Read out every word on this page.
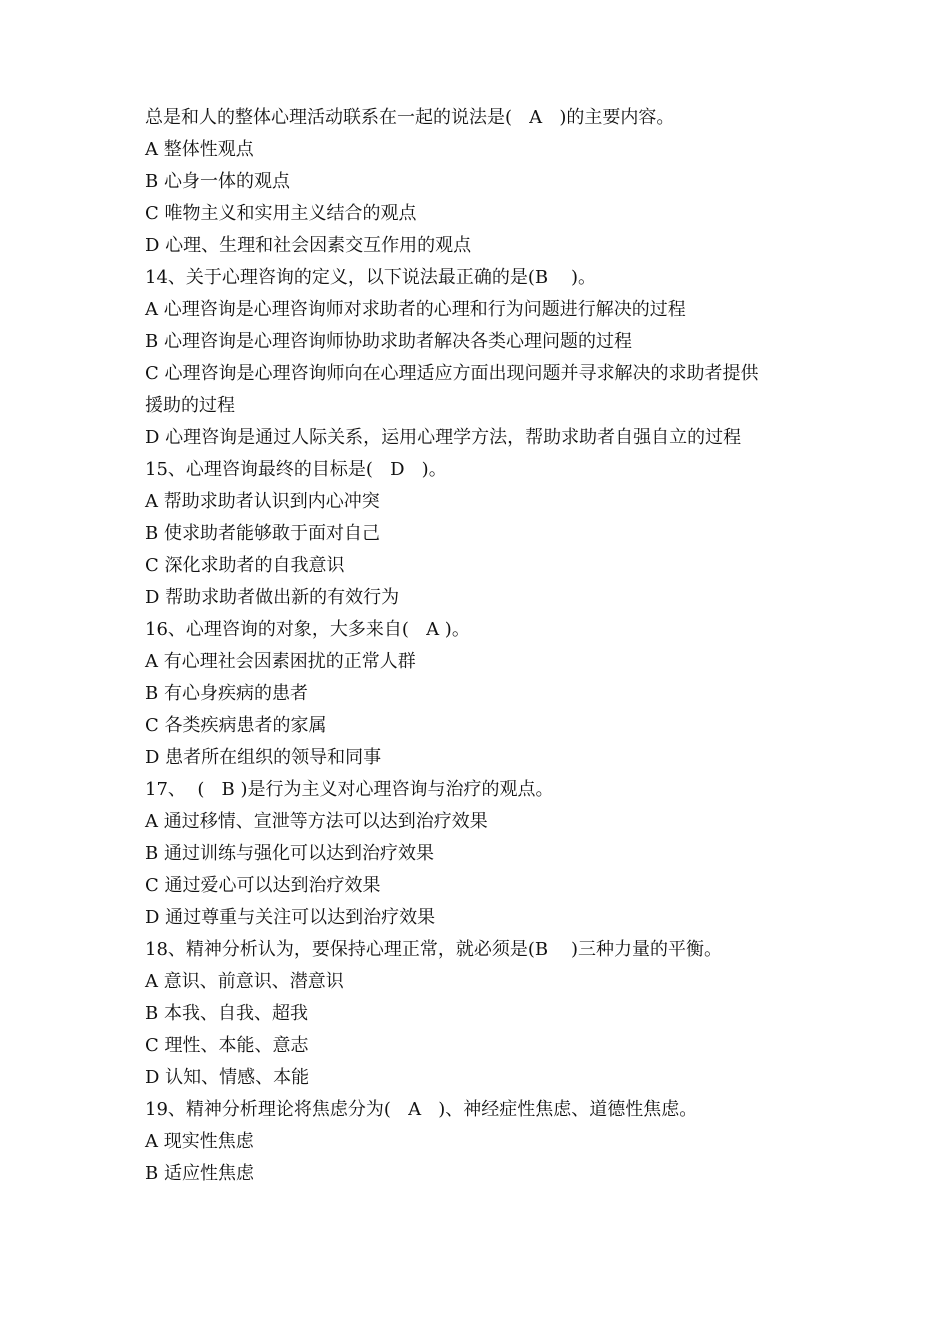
总是和人的整体心理活动联系在一起的说法是(   A   )的主要内容。

A 整体性观点

B 心身一体的观点

C 唯物主义和实用主义结合的观点

D 心理、生理和社会因素交互作用的观点

14、关于心理咨询的定义，以下说法最正确的是(B    )。

A 心理咨询是心理咨询师对求助者的心理和行为问题进行解决的过程

B 心理咨询是心理咨询师协助求助者解决各类心理问题的过程

C 心理咨询是心理咨询师向在心理适应方面出现问题并寻求解决的求助者提供

援助的过程

D 心理咨询是通过人际关系，运用心理学方法，帮助求助者自强自立的过程

15、心理咨询最终的目标是(   D   )。

A 帮助求助者认识到内心冲突

B 使求助者能够敢于面对自己

C 深化求助者的自我意识

D 帮助求助者做出新的有效行为

16、心理咨询的对象，大多来自(   A )。

A 有心理社会因素困扰的正常人群

B 有心身疾病的患者

C 各类疾病患者的家属

D 患者所在组织的领导和同事

17、  (   B )是行为主义对心理咨询与治疗的观点。

A 通过移情、宣泄等方法可以达到治疗效果

B 通过训练与强化可以达到治疗效果

C 通过爱心可以达到治疗效果

D 通过尊重与关注可以达到治疗效果

18、精神分析认为，要保持心理正常，就必须是(B    )三种力量的平衡。

A 意识、前意识、潜意识

B 本我、自我、超我

C 理性、本能、意志

D 认知、情感、本能

19、精神分析理论将焦虑分为(   A   )、神经症性焦虑、道德性焦虑。

A 现实性焦虑

B 适应性焦虑
